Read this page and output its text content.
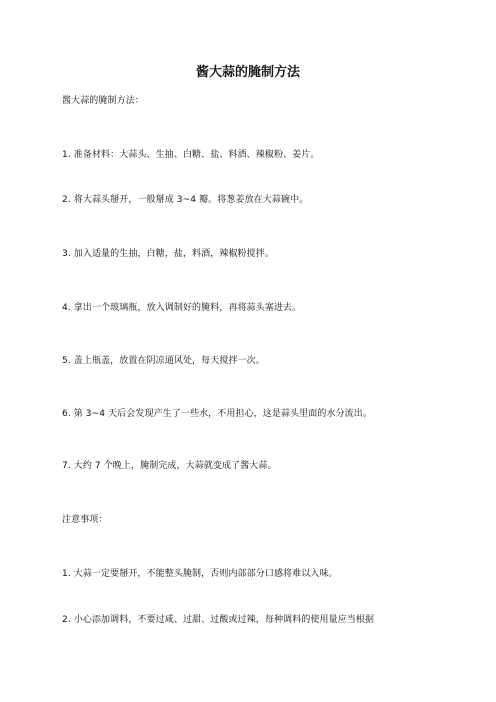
酱大蒜的腌制方法
酱大蒜的腌制方法：
1. 准备材料：大蒜头、生抽、白糖、盐、料酒、辣椒粉、姜片。
2. 将大蒜头掰开，一般掰成 3~4 瓣。将葱姜放在大蒜碗中。
3. 加入适量的生抽，白糖，盐，料酒，辣椒粉搅拌。
4. 拿出一个玻璃瓶，放入调制好的腌料，再将蒜头塞进去。
5. 盖上瓶盖，放置在阴凉通风处，每天搅拌一次。
6. 第 3~4 天后会发现产生了一些水，不用担心，这是蒜头里面的水分流出。
7. 大约 7 个晚上，腌制完成，大蒜就变成了酱大蒜。
注意事项：
1. 大蒜一定要掰开，不能整头腌制，否则内部部分口感将难以入味。
2. 小心添加调料，不要过咸、过甜、过酸或过辣，每种调料的使用量应当根据
